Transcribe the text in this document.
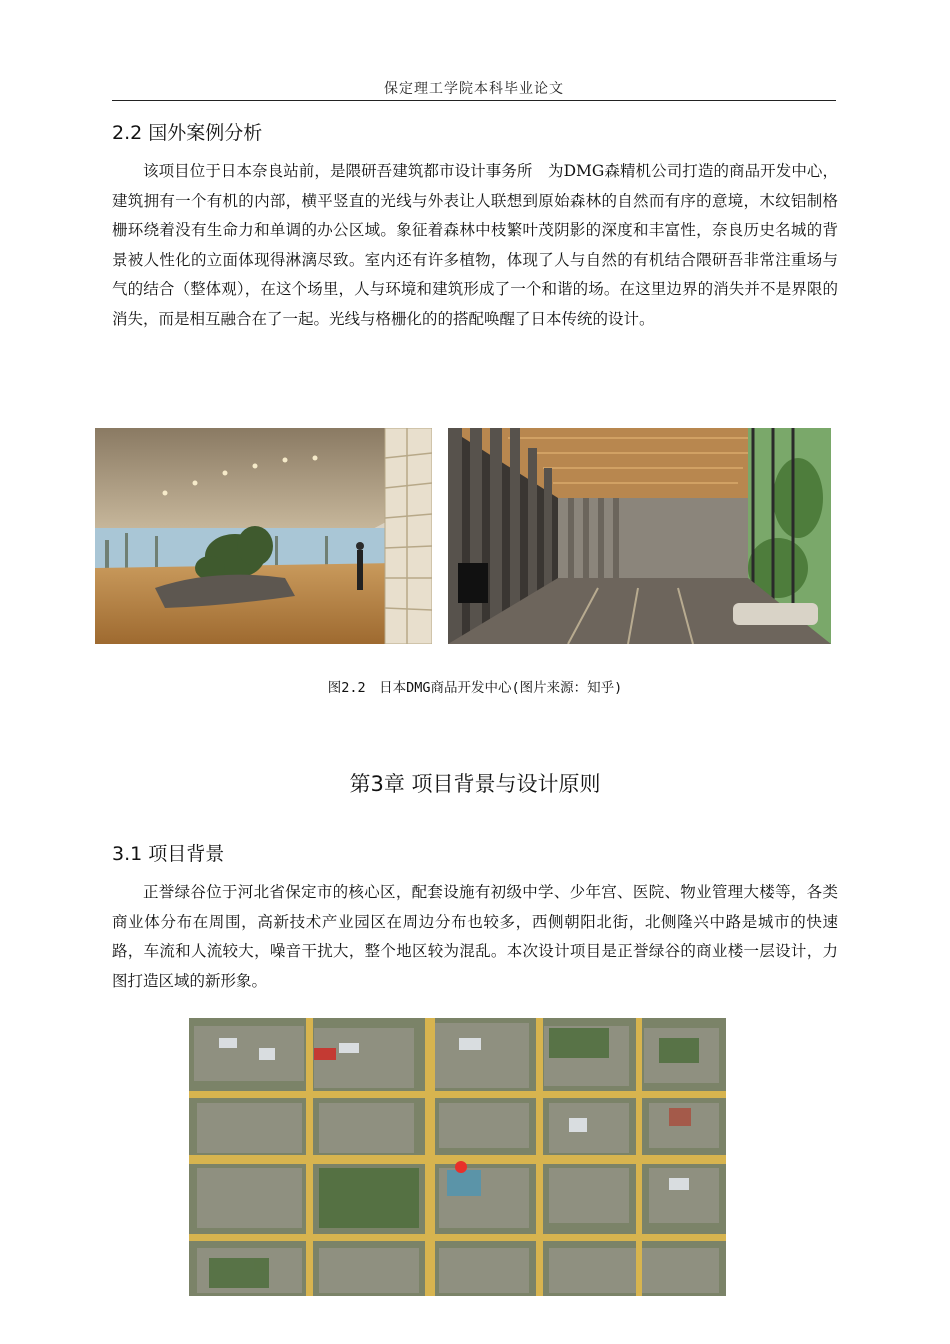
保定理工学院本科毕业论文
2.2 国外案例分析
该项目位于日本奈良站前，是隈研吾建筑都市设计事务所　为DMG森精机公司打造的商品开发中心，建筑拥有一个有机的内部，横平竖直的光线与外表让人联想到原始森林的自然而有序的意境，木纹铝制格栅环绕着没有生命力和单调的办公区域。象征着森林中枝繁叶茂阴影的深度和丰富性，奈良历史名城的背景被人性化的立面体现得淋漓尽致。室内还有许多植物，体现了人与自然的有机结合隈研吾非常注重场与气的结合（整体观），在这个场里，人与环境和建筑形成了一个和谐的场。在这里边界的消失并不是界限的消失，而是相互融合在了一起。光线与格栅化的的搭配唤醒了日本传统的设计。
图2.2　日本DMG商品开发中心(图片来源：知乎)
第3章 项目背景与设计原则
3.1 项目背景
正誉绿谷位于河北省保定市的核心区，配套设施有初级中学、少年宫、医院、物业管理大楼等，各类商业体分布在周围，高新技术产业园区在周边分布也较多，西侧朝阳北街，北侧隆兴中路是城市的快速路，车流和人流较大，噪音干扰大，整个地区较为混乱。本次设计项目是正誉绿谷的商业楼一层设计，力图打造区域的新形象。
